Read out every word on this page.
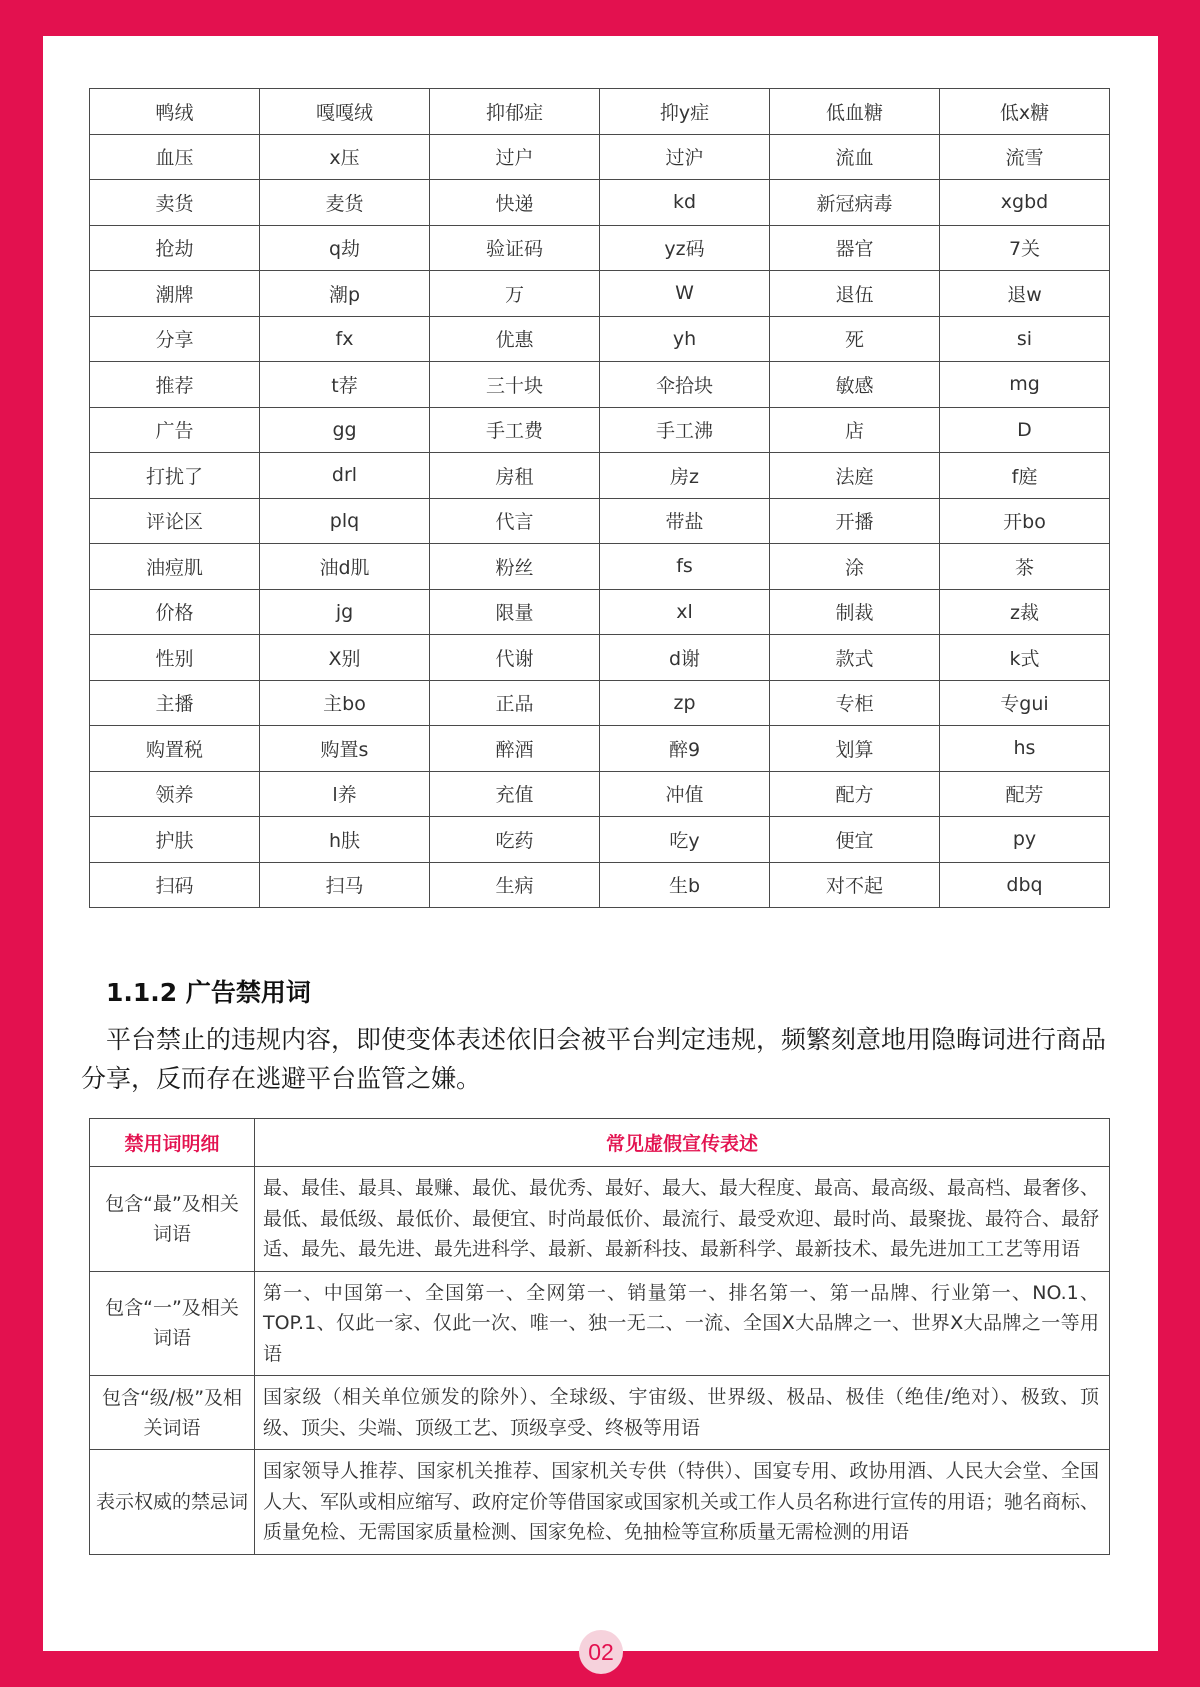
鸭绒	嘎嘎绒	抑郁症	抑y症	低血糖	低x糖
血压	x压	过户	过沪	流血	流雪
卖货	麦货	快递	kd	新冠病毒	xgbd
抢劫	q劫	验证码	yz码	器官	7关
潮牌	潮p	万	W	退伍	退w
分享	fx	优惠	yh	死	si
推荐	t荐	三十块	伞拾块	敏感	mg
广告	gg	手工费	手工沸	店	D
打扰了	drl	房租	房z	法庭	f庭
评论区	plq	代言	带盐	开播	开bo
油痘肌	油d肌	粉丝	fs	涂	茶
价格	jg	限量	xl	制裁	z裁
性别	X别	代谢	d谢	款式	k式
主播	主bo	正品	zp	专柜	专gui
购置税	购置s	醉酒	醉9	划算	hs
领养	l养	充值	冲值	配方	配芳
护肤	h肤	吃药	吃y	便宜	py
扫码	扫马	生病	生b	对不起	dbq
1.1.2 广告禁用词
平台禁止的违规内容，即使变体表述依旧会被平台判定违规，频繁刻意地用隐晦词进行商品分享，反而存在逃避平台监管之嫌。
禁用词明细	常见虚假宣传表述
包含“最”及相关词语	最、最佳、最具、最赚、最优、最优秀、最好、最大、最大程度、最高、最高级、最高档、最奢侈、最低、最低级、最低价、最便宜、时尚最低价、最流行、最受欢迎、最时尚、最聚拢、最符合、最舒适、最先、最先进、最先进科学、最新、最新科技、最新科学、最新技术、最先进加工工艺等用语
包含“一”及相关词语	第一、中国第一、全国第一、全网第一、销量第一、排名第一、第一品牌、行业第一、NO.1、TOP.1、仅此一家、仅此一次、唯一、独一无二、一流、全国X大品牌之一、世界X大品牌之一等用语
包含“级/极”及相关词语	国家级（相关单位颁发的除外）、全球级、宇宙级、世界级、极品、极佳（绝佳/绝对）、极致、顶级、顶尖、尖端、顶级工艺、顶级享受、终极等用语
表示权威的禁忌词	国家领导人推荐、国家机关推荐、国家机关专供（特供）、国宴专用、政协用酒、人民大会堂、全国人大、军队或相应缩写、政府定价等借国家或国家机关或工作人员名称进行宣传的用语；驰名商标、质量免检、无需国家质量检测、国家免检、免抽检等宣称质量无需检测的用语
02
